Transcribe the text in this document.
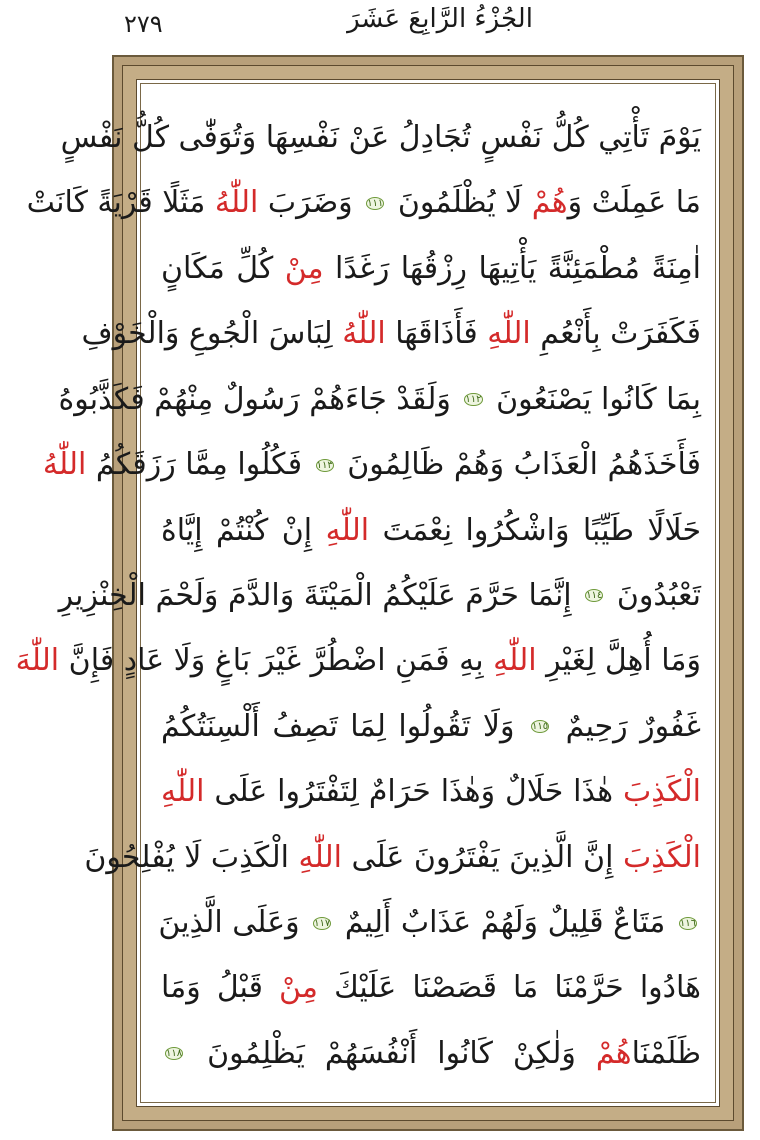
٢٧٩	الجُزْءُ الرَّابِعَ عَشَرَ
يَوْمَ تَأْتِي كُلُّ نَفْسٍ تُجَادِلُ عَنْ نَفْسِهَا وَتُوَفّٰى كُلُّ نَفْسٍ
مَا عَمِلَتْ وَهُمْ لَا يُظْلَمُونَ ١١١ وَضَرَبَ اللّٰهُ مَثَلًا قَرْيَةً كَانَتْ
اٰمِنَةً مُطْمَئِنَّةً يَأْتِيهَا رِزْقُهَا رَغَدًا مِنْ كُلِّ مَكَانٍ
فَكَفَرَتْ بِأَنْعُمِ اللّٰهِ فَأَذَاقَهَا اللّٰهُ لِبَاسَ الْجُوعِ وَالْخَوْفِ
بِمَا كَانُوا يَصْنَعُونَ ١١٢ وَلَقَدْ جَاءَهُمْ رَسُولٌ مِنْهُمْ فَكَذَّبُوهُ
فَأَخَذَهُمُ الْعَذَابُ وَهُمْ ظَالِمُونَ ١١٣ فَكُلُوا مِمَّا رَزَقَكُمُ اللّٰهُ
حَلَالًا طَيِّبًا وَاشْكُرُوا نِعْمَتَ اللّٰهِ إِنْ كُنْتُمْ إِيَّاهُ
تَعْبُدُونَ ١١٤ إِنَّمَا حَرَّمَ عَلَيْكُمُ الْمَيْتَةَ وَالدَّمَ وَلَحْمَ الْخِنْزِيرِ
وَمَا أُهِلَّ لِغَيْرِ اللّٰهِ بِهِ فَمَنِ اضْطُرَّ غَيْرَ بَاغٍ وَلَا عَادٍ فَإِنَّ اللّٰهَ
غَفُورٌ رَحِيمٌ ١١٥ وَلَا تَقُولُوا لِمَا تَصِفُ أَلْسِنَتُكُمُ
الْكَذِبَ هٰذَا حَلَالٌ وَهٰذَا حَرَامٌ لِتَفْتَرُوا عَلَى اللّٰهِ
الْكَذِبَ إِنَّ الَّذِينَ يَفْتَرُونَ عَلَى اللّٰهِ الْكَذِبَ لَا يُفْلِحُونَ
١١٦ مَتَاعٌ قَلِيلٌ وَلَهُمْ عَذَابٌ أَلِيمٌ ١١٧ وَعَلَى الَّذِينَ
هَادُوا حَرَّمْنَا مَا قَصَصْنَا عَلَيْكَ مِنْ قَبْلُ وَمَا
ظَلَمْنَاهُمْ وَلٰكِنْ كَانُوا أَنْفُسَهُمْ يَظْلِمُونَ ١١٨
